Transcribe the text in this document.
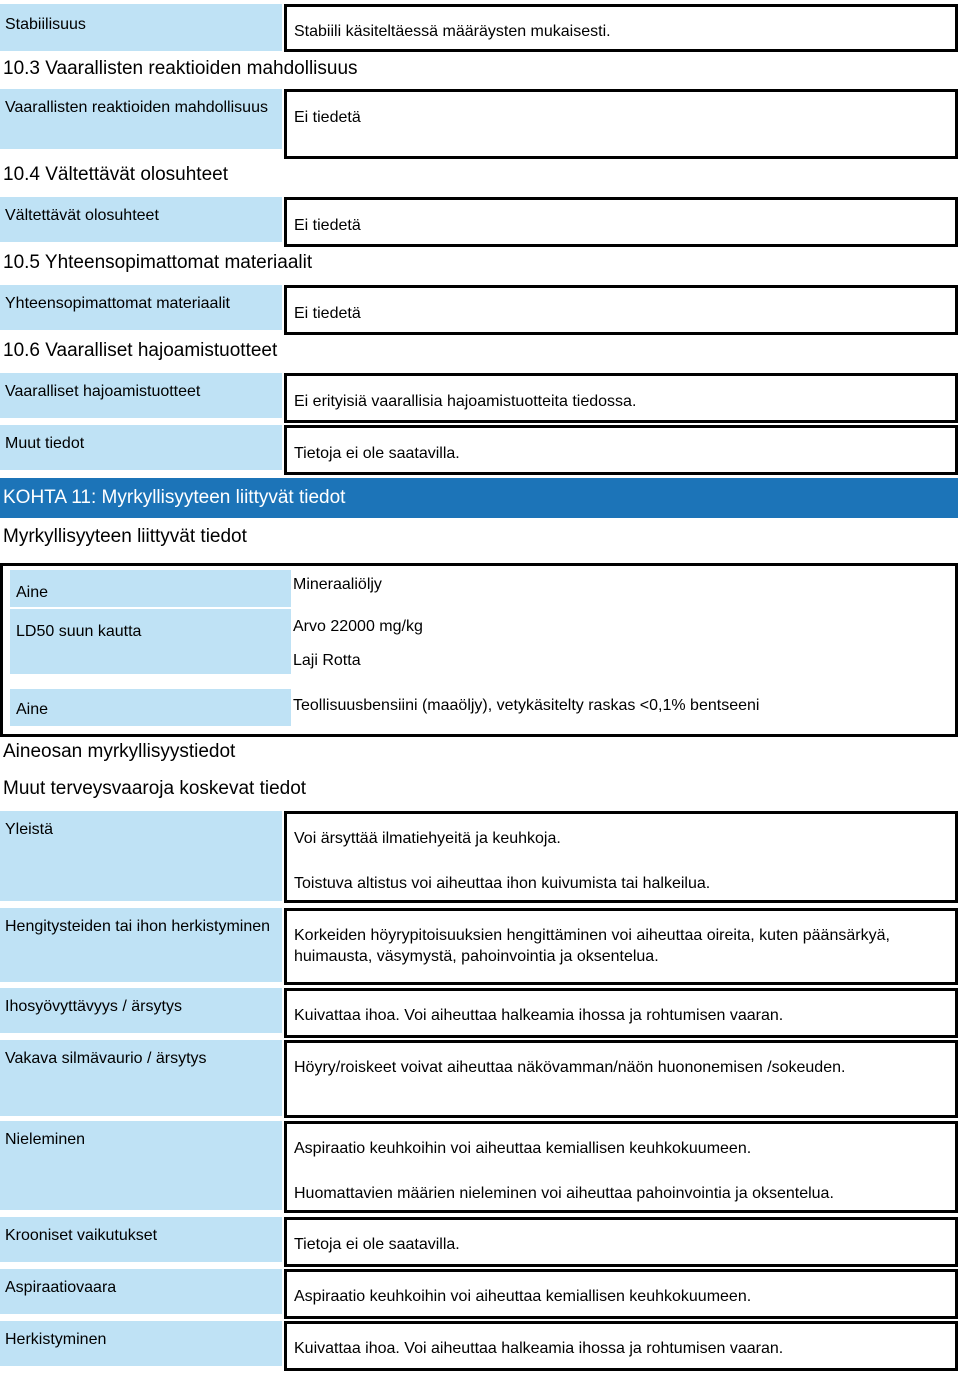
Stabiilisuus	Stabiili käsiteltäessä määräysten mukaisesti.

10.3 Vaarallisten reaktioiden mahdollisuus
Vaarallisten reaktioiden mahdollisuus

Ei tiedetä

10.4 Vältettävät olosuhteet
Vältettävät olosuhteet

Ei tiedetä

10.5 Yhteensopimattomat materiaalit
Yhteensopimattomat materiaalit

Ei tiedetä

10.6 Vaaralliset hajoamistuotteet
Vaaralliset hajoamistuotteet

Ei erityisiä vaarallisia hajoamistuotteita tiedossa.

Muut tiedot

Tietoja ei ole saatavilla.

KOHTA 11: Myrkyllisyyteen liittyvät tiedot
Myrkyllisyyteen liittyvät tiedot
Aine
LD50 suun kautta
Aine
Mineraaliöljy
Arvo 22000 mg/kg
Laji Rotta
Teollisuusbensiini (maaöljy), vetykäsitelty raskas <0,1% bentseeni
Aineosan myrkyllisyystiedot
Muut terveysvaaroja koskevat tiedot
Yleistä

Voi ärsyttää ilmatiehyeitä ja keuhkoja.

Toistuva altistus voi aiheuttaa ihon kuivumista tai halkeilua.

Hengitysteiden tai ihon herkistyminen

Korkeiden höyrypitoisuuksien hengittäminen voi aiheuttaa oireita, kuten päänsärkyä, huimausta, väsymystä, pahoinvointia ja oksentelua.

Ihosyövyttävyys / ärsytys

Kuivattaa ihoa. Voi aiheuttaa halkeamia ihossa ja rohtumisen vaaran.

Vakava silmävaurio / ärsytys

Höyry/roiskeet voivat aiheuttaa näkövamman/näön huononemisen /sokeuden.

Nieleminen

Aspiraatio keuhkoihin voi aiheuttaa kemiallisen keuhkokuumeen.

Huomattavien määrien nieleminen voi aiheuttaa pahoinvointia ja oksentelua.

Krooniset vaikutukset

Tietoja ei ole saatavilla.

Aspiraatiovaara

Aspiraatio keuhkoihin voi aiheuttaa kemiallisen keuhkokuumeen.

Herkistyminen

Kuivattaa ihoa. Voi aiheuttaa halkeamia ihossa ja rohtumisen vaaran.
